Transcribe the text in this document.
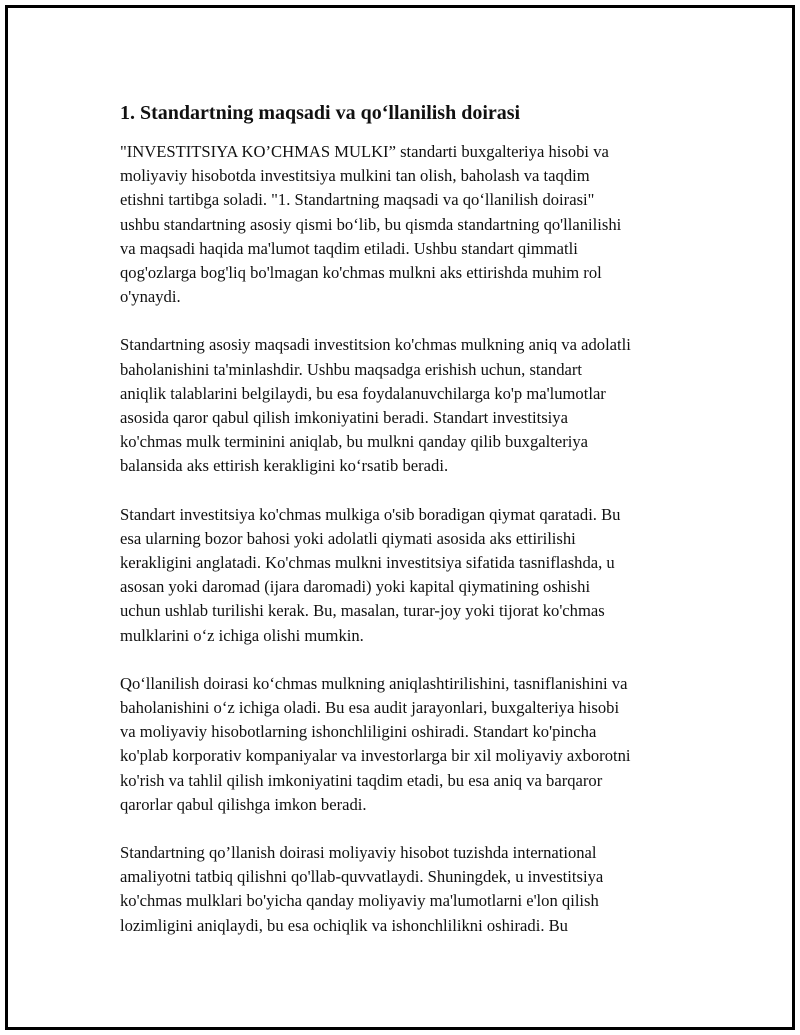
1. Standartning maqsadi va qo‘llanilish doirasi

"INVESTITSIYA KO’CHMAS MULKI” standarti buxgalteriya hisobi va
moliyaviy hisobotda investitsiya mulkini tan olish, baholash va taqdim
etishni tartibga soladi. "1. Standartning maqsadi va qo‘llanilish doirasi"
ushbu standartning asosiy qismi bo‘lib, bu qismda standartning qo'llanilishi
va maqsadi haqida ma'lumot taqdim etiladi. Ushbu standart qimmatli
qog'ozlarga bog'liq bo'lmagan ko'chmas mulkni aks ettirishda muhim rol
o'ynaydi.

Standartning asosiy maqsadi investitsion ko'chmas mulkning aniq va adolatli
baholanishini ta'minlashdir. Ushbu maqsadga erishish uchun, standart
aniqlik talablarini belgilaydi, bu esa foydalanuvchilarga ko'p ma'lumotlar
asosida qaror qabul qilish imkoniyatini beradi. Standart investitsiya
ko'chmas mulk terminini aniqlab, bu mulkni qanday qilib buxgalteriya
balansida aks ettirish kerakligini ko‘rsatib beradi.

Standart investitsiya ko'chmas mulkiga o'sib boradigan qiymat qaratadi. Bu
esa ularning bozor bahosi yoki adolatli qiymati asosida aks ettirilishi
kerakligini anglatadi. Ko'chmas mulkni investitsiya sifatida tasniflashda, u
asosan yoki daromad (ijara daromadi) yoki kapital qiymatining oshishi
uchun ushlab turilishi kerak. Bu, masalan, turar-joy yoki tijorat ko'chmas
mulklarini o‘z ichiga olishi mumkin.

Qo‘llanilish doirasi ko‘chmas mulkning aniqlashtirilishini, tasniflanishini va
baholanishini o‘z ichiga oladi. Bu esa audit jarayonlari, buxgalteriya hisobi
va moliyaviy hisobotlarning ishonchliligini oshiradi. Standart ko'pincha
ko'plab korporativ kompaniyalar va investorlarga bir xil moliyaviy axborotni
ko'rish va tahlil qilish imkoniyatini taqdim etadi, bu esa aniq va barqaror
qarorlar qabul qilishga imkon beradi.

Standartning qo’llanish doirasi moliyaviy hisobot tuzishda international
amaliyotni tatbiq qilishni qo'llab-quvvatlaydi. Shuningdek, u investitsiya
ko'chmas mulklari bo'yicha qanday moliyaviy ma'lumotlarni e'lon qilish
lozimligini aniqlaydi, bu esa ochiqlik va ishonchlilikni oshiradi. Bu
